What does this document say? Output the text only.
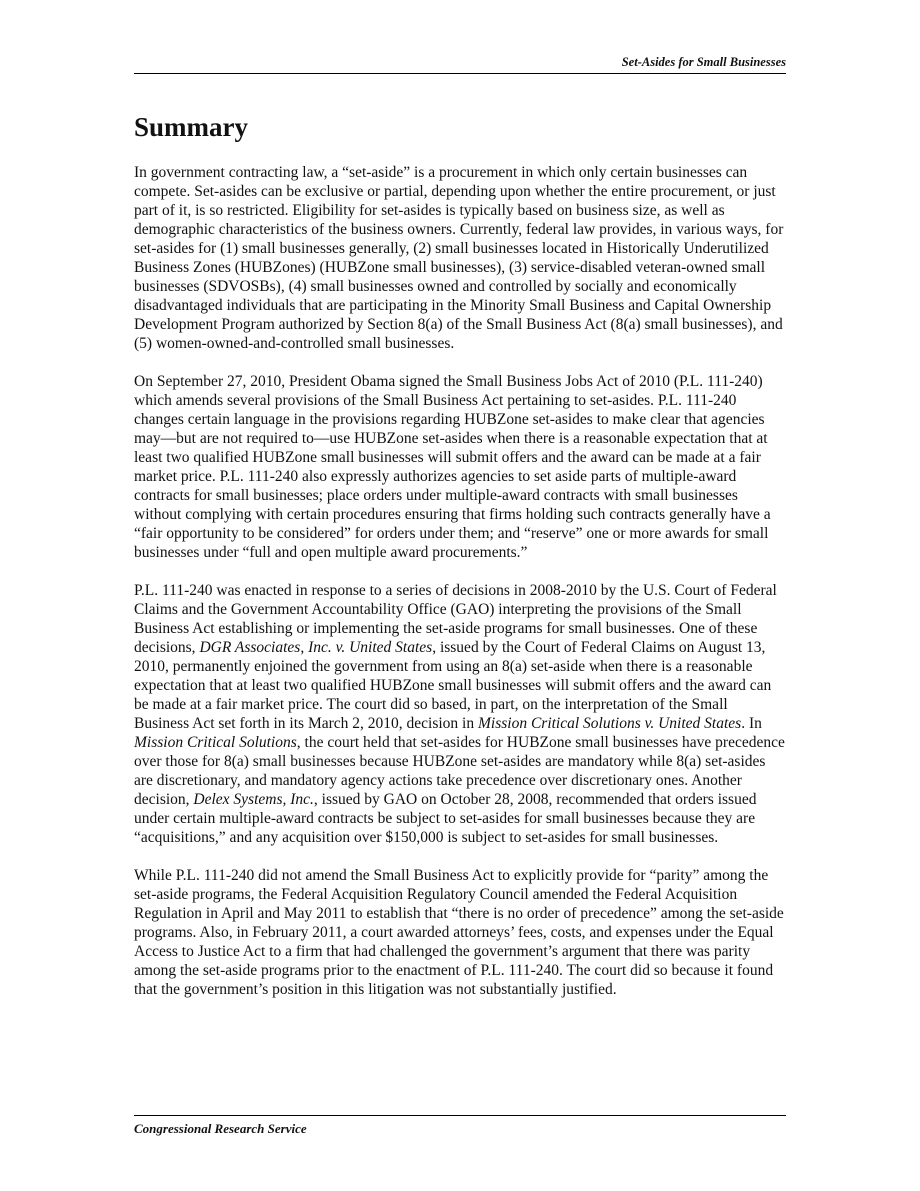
Set-Asides for Small Businesses
Summary

In government contracting law, a “set-aside” is a procurement in which only certain businesses can compete. Set-asides can be exclusive or partial, depending upon whether the entire procurement, or just part of it, is so restricted. Eligibility for set-asides is typically based on business size, as well as demographic characteristics of the business owners. Currently, federal law provides, in various ways, for set-asides for (1) small businesses generally, (2) small businesses located in Historically Underutilized Business Zones (HUBZones) (HUBZone small businesses), (3) service-disabled veteran-owned small businesses (SDVOSBs), (4) small businesses owned and controlled by socially and economically disadvantaged individuals that are participating in the Minority Small Business and Capital Ownership Development Program authorized by Section 8(a) of the Small Business Act (8(a) small businesses), and (5) women-owned-and-controlled small businesses.

On September 27, 2010, President Obama signed the Small Business Jobs Act of 2010 (P.L. 111-240) which amends several provisions of the Small Business Act pertaining to set-asides. P.L. 111-240 changes certain language in the provisions regarding HUBZone set-asides to make clear that agencies may—but are not required to—use HUBZone set-asides when there is a reasonable expectation that at least two qualified HUBZone small businesses will submit offers and the award can be made at a fair market price. P.L. 111-240 also expressly authorizes agencies to set aside parts of multiple-award contracts for small businesses; place orders under multiple-award contracts with small businesses without complying with certain procedures ensuring that firms holding such contracts generally have a “fair opportunity to be considered” for orders under them; and “reserve” one or more awards for small businesses under “full and open multiple award procurements.”

P.L. 111-240 was enacted in response to a series of decisions in 2008-2010 by the U.S. Court of Federal Claims and the Government Accountability Office (GAO) interpreting the provisions of the Small Business Act establishing or implementing the set-aside programs for small businesses. One of these decisions, DGR Associates, Inc. v. United States, issued by the Court of Federal Claims on August 13, 2010, permanently enjoined the government from using an 8(a) set-aside when there is a reasonable expectation that at least two qualified HUBZone small businesses will submit offers and the award can be made at a fair market price. The court did so based, in part, on the interpretation of the Small Business Act set forth in its March 2, 2010, decision in Mission Critical Solutions v. United States. In Mission Critical Solutions, the court held that set-asides for HUBZone small businesses have precedence over those for 8(a) small businesses because HUBZone set-asides are mandatory while 8(a) set-asides are discretionary, and mandatory agency actions take precedence over discretionary ones. Another decision, Delex Systems, Inc., issued by GAO on October 28, 2008, recommended that orders issued under certain multiple-award contracts be subject to set-asides for small businesses because they are “acquisitions,” and any acquisition over $150,000 is subject to set-asides for small businesses.

While P.L. 111-240 did not amend the Small Business Act to explicitly provide for “parity” among the set-aside programs, the Federal Acquisition Regulatory Council amended the Federal Acquisition Regulation in April and May 2011 to establish that “there is no order of precedence” among the set-aside programs. Also, in February 2011, a court awarded attorneys’ fees, costs, and expenses under the Equal Access to Justice Act to a firm that had challenged the government’s argument that there was parity among the set-aside programs prior to the enactment of P.L. 111-240. The court did so because it found that the government’s position in this litigation was not substantially justified.

Congressional Research Service
